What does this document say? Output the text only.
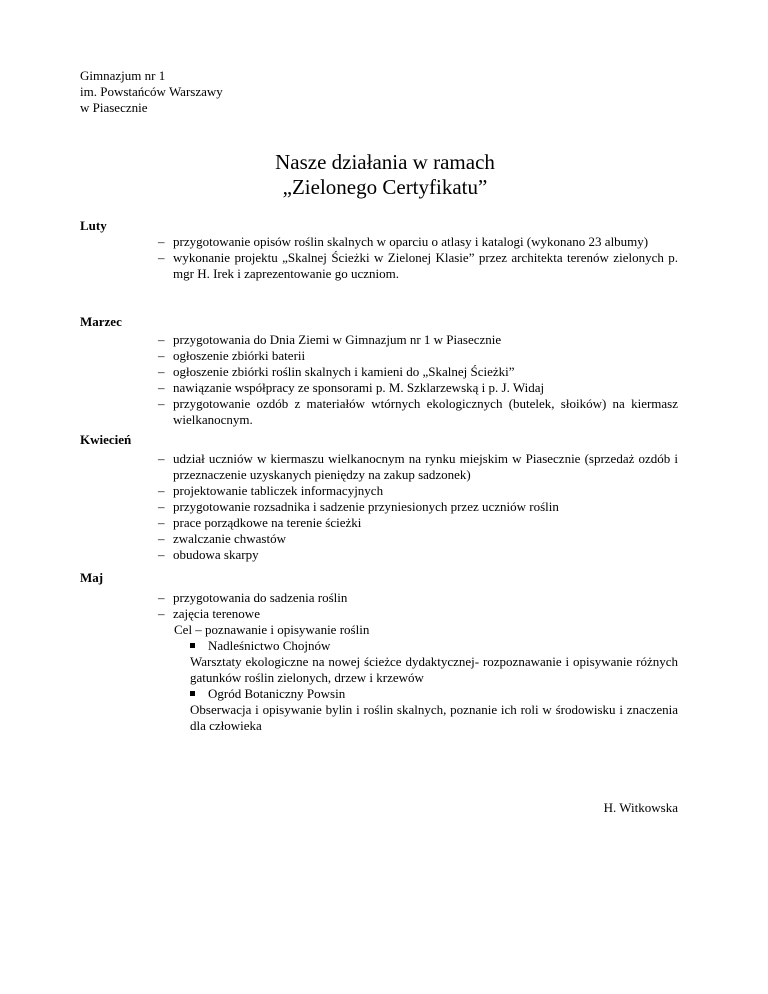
Gimnazjum nr 1
im. Powstańców Warszawy
w Piasecznie
Nasze działania w ramach
„Zielonego Certyfikatu”
Luty
– przygotowanie opisów roślin skalnych w oparciu o atlasy i katalogi (wykonano 23 albumy)
– wykonanie projektu „Skalnej Ścieżki w Zielonej Klasie” przez architekta terenów zielonych p. mgr H. Irek i zaprezentowanie go uczniom.
Marzec
– przygotowania do Dnia Ziemi w Gimnazjum nr 1 w Piasecznie
– ogłoszenie zbiórki baterii
– ogłoszenie zbiórki roślin skalnych i kamieni do „Skalnej Ścieżki”
– nawiązanie współpracy ze sponsorami p. M. Szklarzewską i p. J. Widaj
– przygotowanie ozdób z materiałów wtórnych ekologicznych (butelek, słoików) na kiermasz wielkanocnym.
Kwiecień
– udział uczniów w kiermaszu wielkanocnym na rynku miejskim w Piasecznie (sprzedaż ozdób i przeznaczenie uzyskanych pieniędzy na zakup sadzonek)
– projektowanie tabliczek informacyjnych
– przygotowanie rozsadnika i sadzenie przyniesionych przez uczniów roślin
– prace porządkowe na terenie ścieżki
– zwalczanie chwastów
– obudowa skarpy
Maj
– przygotowania do sadzenia roślin
– zajęcia terenowe
Cel – poznawanie i opisywanie roślin
Nadleśnictwo Chojnów
Warsztaty ekologiczne na nowej ścieżce dydaktycznej- rozpoznawanie i opisywanie różnych gatunków roślin zielonych, drzew i krzewów
Ogród Botaniczny Powsin
Obserwacja i opisywanie bylin i roślin skalnych, poznanie ich roli w środowisku i znaczenia dla człowieka
H. Witkowska
